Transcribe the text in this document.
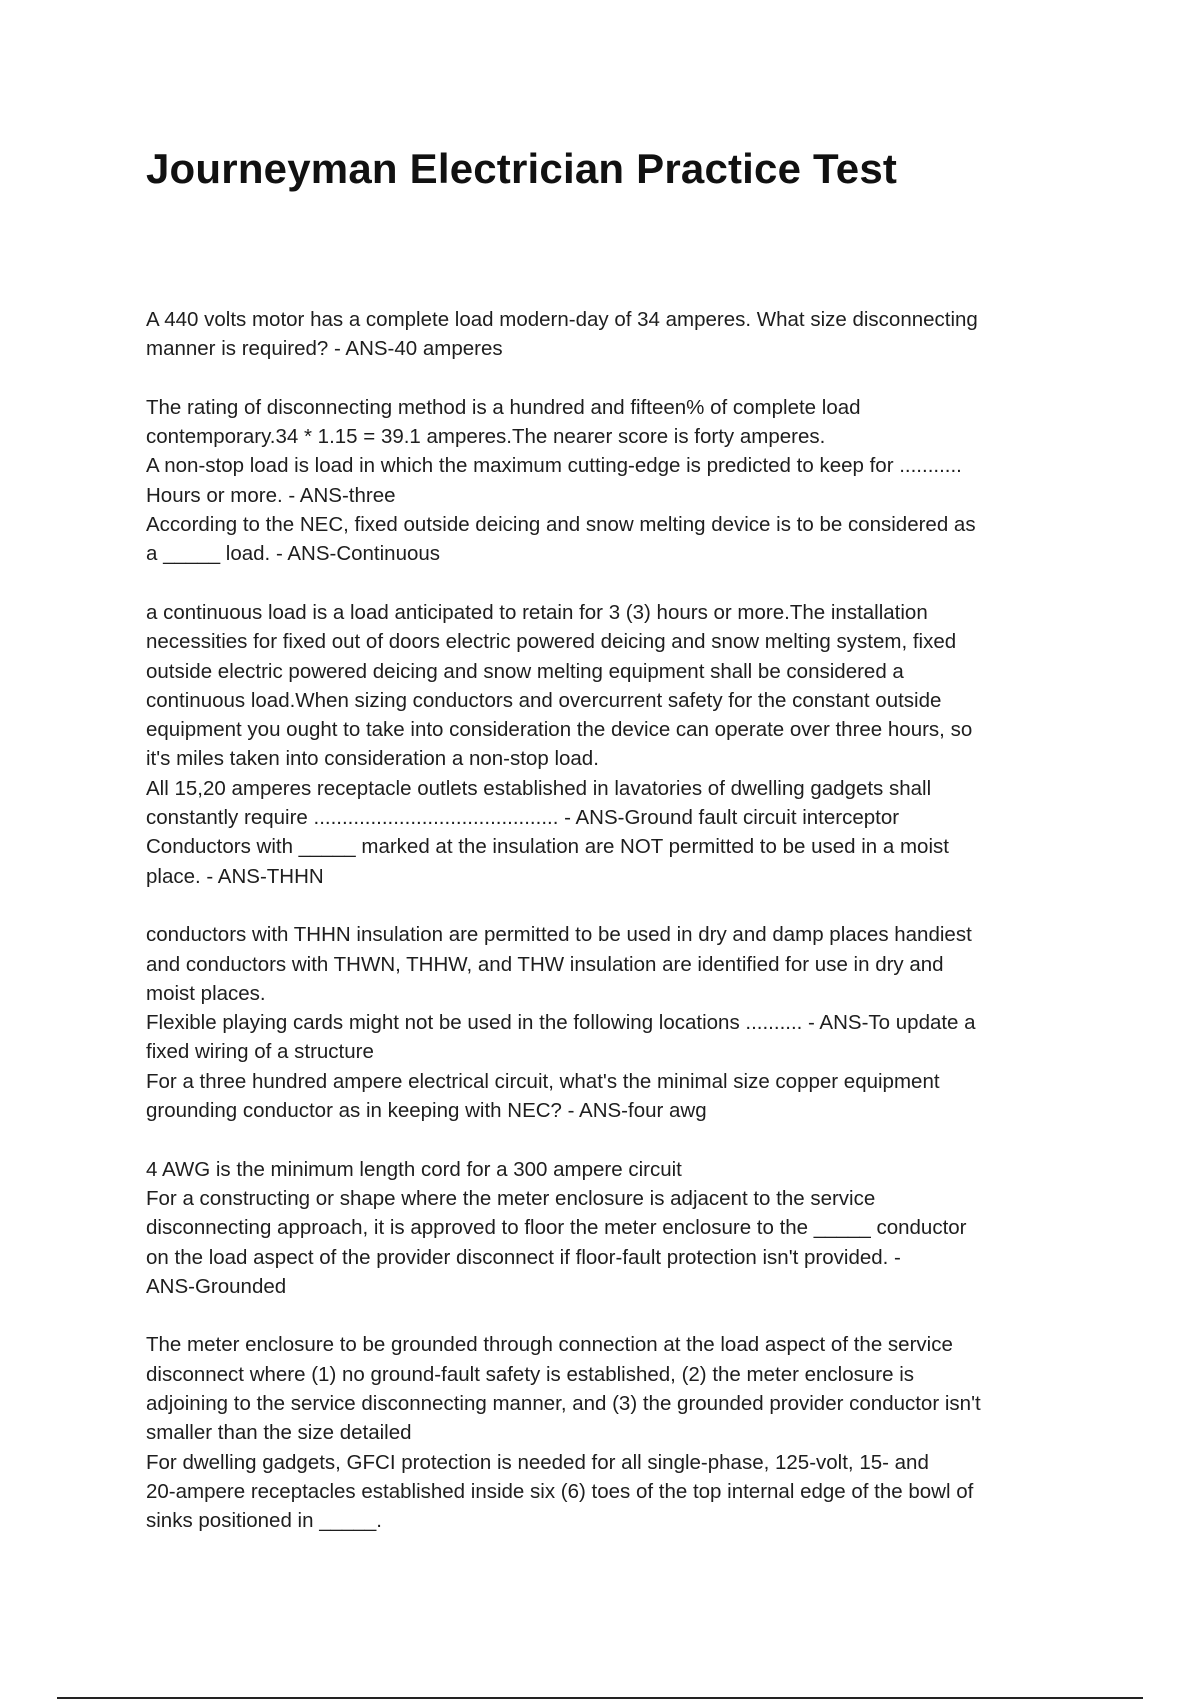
Journeyman Electrician Practice Test

A 440 volts motor has a complete load modern-day of 34 amperes. What size disconnecting
manner is required? - ANS-40 amperes

The rating of disconnecting method is a hundred and fifteen% of complete load
contemporary.34 * 1.15 = 39.1 amperes.The nearer score is forty amperes.
A non-stop load is load in which the maximum cutting-edge is predicted to keep for ...........
Hours or more. - ANS-three
According to the NEC, fixed outside deicing and snow melting device is to be considered as
a _____ load. - ANS-Continuous

a continuous load is a load anticipated to retain for 3 (3) hours or more.The installation
necessities for fixed out of doors electric powered deicing and snow melting system, fixed
outside electric powered deicing and snow melting equipment shall be considered a
continuous load.When sizing conductors and overcurrent safety for the constant outside
equipment you ought to take into consideration the device can operate over three hours, so
it's miles taken into consideration a non-stop load.
All 15,20 amperes receptacle outlets established in lavatories of dwelling gadgets shall
constantly require ........................................... - ANS-Ground fault circuit interceptor
Conductors with _____ marked at the insulation are NOT permitted to be used in a moist
place. - ANS-THHN

conductors with THHN insulation are permitted to be used in dry and damp places handiest
and conductors with THWN, THHW, and THW insulation are identified for use in dry and
moist places.
Flexible playing cards might not be used in the following locations .......... - ANS-To update a
fixed wiring of a structure
For a three hundred ampere electrical circuit, what's the minimal size copper equipment
grounding conductor as in keeping with NEC? - ANS-four awg

4 AWG is the minimum length cord for a 300 ampere circuit
For a constructing or shape where the meter enclosure is adjacent to the service
disconnecting approach, it is approved to floor the meter enclosure to the _____ conductor
on the load aspect of the provider disconnect if floor-fault protection isn't provided. -
ANS-Grounded

The meter enclosure to be grounded through connection at the load aspect of the service
disconnect where (1) no ground-fault safety is established, (2) the meter enclosure is
adjoining to the service disconnecting manner, and (3) the grounded provider conductor isn't
smaller than the size detailed
For dwelling gadgets, GFCI protection is needed for all single-phase, 125-volt, 15- and
20-ampere receptacles established inside six (6) toes of the top internal edge of the bowl of
sinks positioned in _____.
